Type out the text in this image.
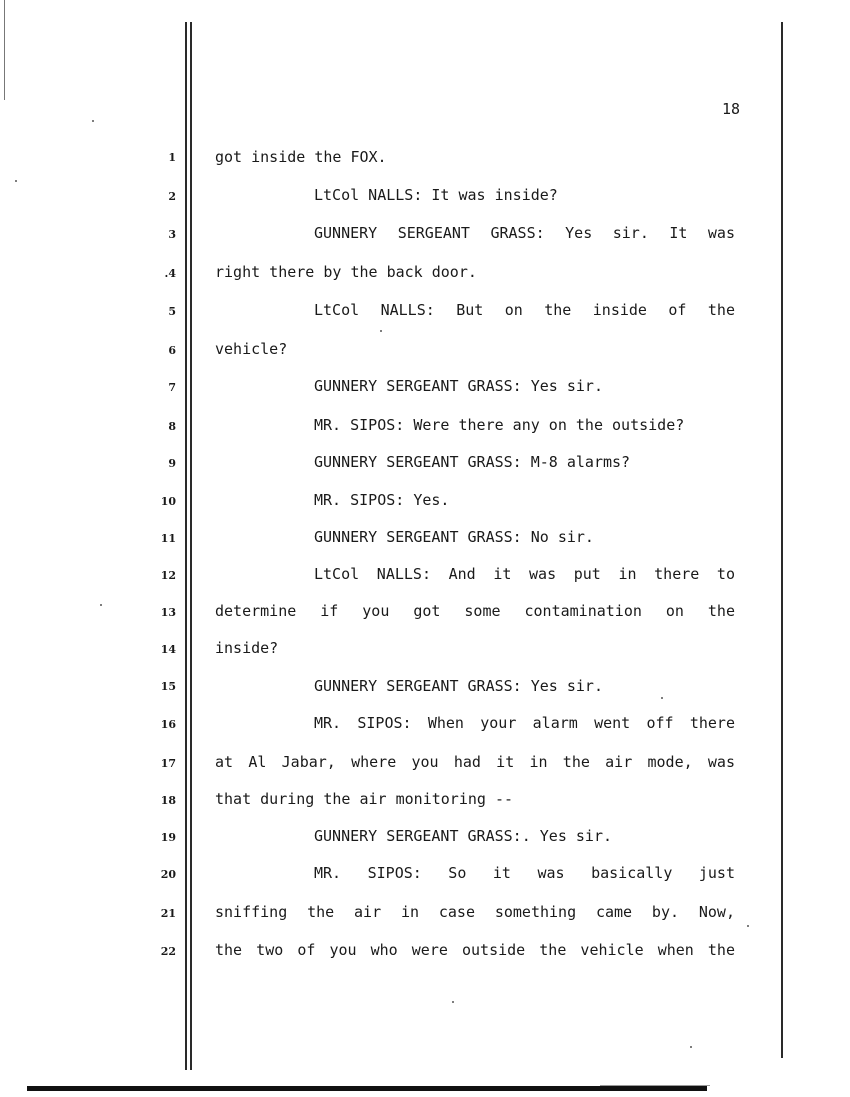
18
1
2
3
.4
5
6
7
8
9
10
11
12
13
14
15
16
17
18
19
20
21
22
got inside the FOX.
LtCol NALLS: It was inside?
GUNNERY SERGEANT GRASS: Yes sir. It was
right there by the back door.
LtCol NALLS: But on the inside of the
vehicle?
GUNNERY SERGEANT GRASS: Yes sir.
MR. SIPOS: Were there any on the outside?
GUNNERY SERGEANT GRASS: M-8 alarms?
MR. SIPOS: Yes.
GUNNERY SERGEANT GRASS: No sir.
LtCol NALLS: And it was put in there to
determine if you got some contamination on the
inside?
GUNNERY SERGEANT GRASS: Yes sir.
MR. SIPOS: When your alarm went off there
at Al Jabar, where you had it in the air mode, was
that during the air monitoring --
GUNNERY SERGEANT GRASS:. Yes sir.
MR. SIPOS: So it was basically just
sniffing the air in case something came by. Now,
the two of you who were outside the vehicle when the
